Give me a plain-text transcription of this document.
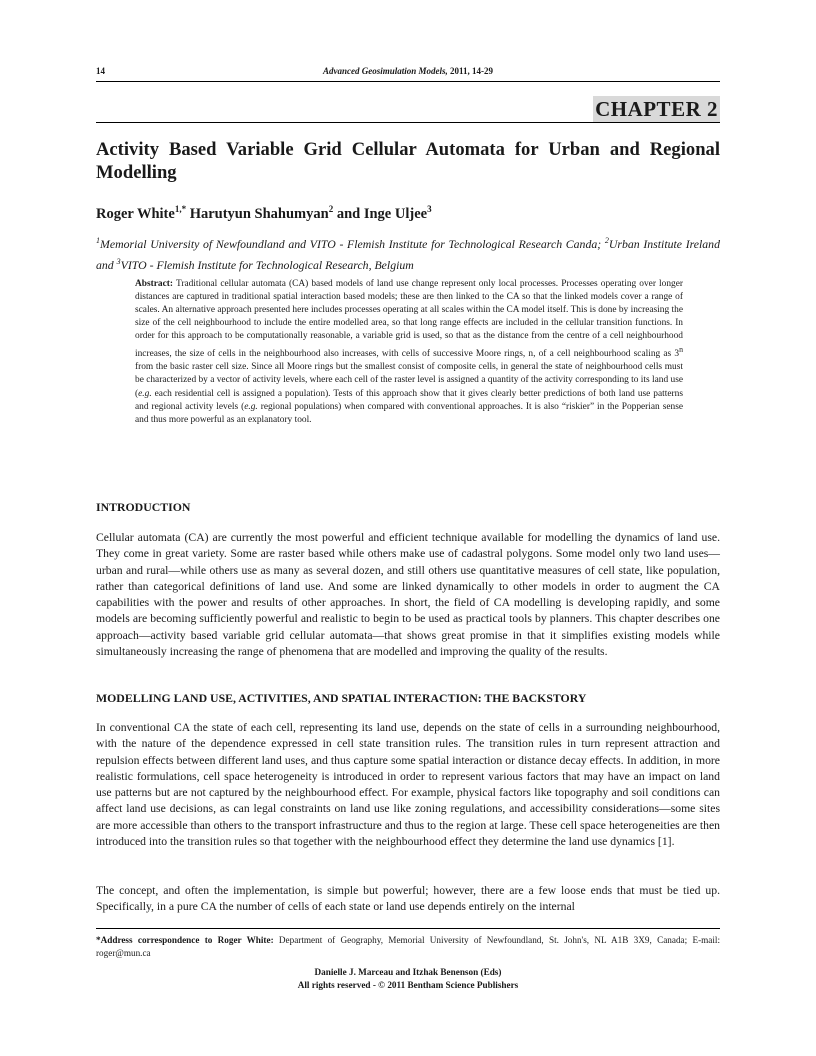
14	Advanced Geosimulation Models, 2011, 14-29
CHAPTER 2
Activity Based Variable Grid Cellular Automata for Urban and Regional Modelling
Roger White$^{1,*}$ Harutyun Shahumyan$^2$ and Inge Uljee$^3$
$^1$Memorial University of Newfoundland and VITO - Flemish Institute for Technological Research Canda; $^2$Urban Institute Ireland and $^3$VITO - Flemish Institute for Technological Research, Belgium
Abstract: Traditional cellular automata (CA) based models of land use change represent only local processes. Processes operating over longer distances are captured in traditional spatial interaction based models; these are then linked to the CA so that the linked models cover a range of scales. An alternative approach presented here includes processes operating at all scales within the CA model itself. This is done by increasing the size of the cell neighbourhood to include the entire modelled area, so that long range effects are included in the cellular transition functions. In order for this approach to be computationally reasonable, a variable grid is used, so that as the distance from the centre of a cell neighbourhood increases, the size of cells in the neighbourhood also increases, with cells of successive Moore rings, n, of a cell neighbourhood scaling as 3$^n$ from the basic raster cell size. Since all Moore rings but the smallest consist of composite cells, in general the state of neighbourhood cells must be characterized by a vector of activity levels, where each cell of the raster level is assigned a quantity of the activity corresponding to its land use (e.g. each residential cell is assigned a population). Tests of this approach show that it gives clearly better predictions of both land use patterns and regional activity levels (e.g. regional populations) when compared with conventional approaches. It is also “riskier” in the Popperian sense and thus more powerful as an explanatory tool.
INTRODUCTION
Cellular automata (CA) are currently the most powerful and efficient technique available for modelling the dynamics of land use. They come in great variety. Some are raster based while others make use of cadastral polygons. Some model only two land uses—urban and rural—while others use as many as several dozen, and still others use quantitative measures of cell state, like population, rather than categorical definitions of land use. And some are linked dynamically to other models in order to augment the CA capabilities with the power and results of other approaches. In short, the field of CA modelling is developing rapidly, and some models are becoming sufficiently powerful and realistic to begin to be used as practical tools by planners. This chapter describes one approach—activity based variable grid cellular automata—that shows great promise in that it simplifies existing models while simultaneously increasing the range of phenomena that are modelled and improving the quality of the results.
MODELLING LAND USE, ACTIVITIES, AND SPATIAL INTERACTION: THE BACKSTORY
In conventional CA the state of each cell, representing its land use, depends on the state of cells in a surrounding neighbourhood, with the nature of the dependence expressed in cell state transition rules. The transition rules in turn represent attraction and repulsion effects between different land uses, and thus capture some spatial interaction or distance decay effects. In addition, in more realistic formulations, cell space heterogeneity is introduced in order to represent various factors that may have an impact on land use patterns but are not captured by the neighbourhood effect. For example, physical factors like topography and soil conditions can affect land use decisions, as can legal constraints on land use like zoning regulations, and accessibility considerations—some sites are more accessible than others to the transport infrastructure and thus to the region at large. These cell space heterogeneities are then introduced into the transition rules so that together with the neighbourhood effect they determine the land use dynamics [1].
The concept, and often the implementation, is simple but powerful; however, there are a few loose ends that must be tied up. Specifically, in a pure CA the number of cells of each state or land use depends entirely on the internal
*Address correspondence to Roger White: Department of Geography, Memorial University of Newfoundland, St. John's, NL A1B 3X9, Canada; E-mail: roger@mun.ca
Danielle J. Marceau and Itzhak Benenson (Eds)
All rights reserved - © 2011 Bentham Science Publishers
